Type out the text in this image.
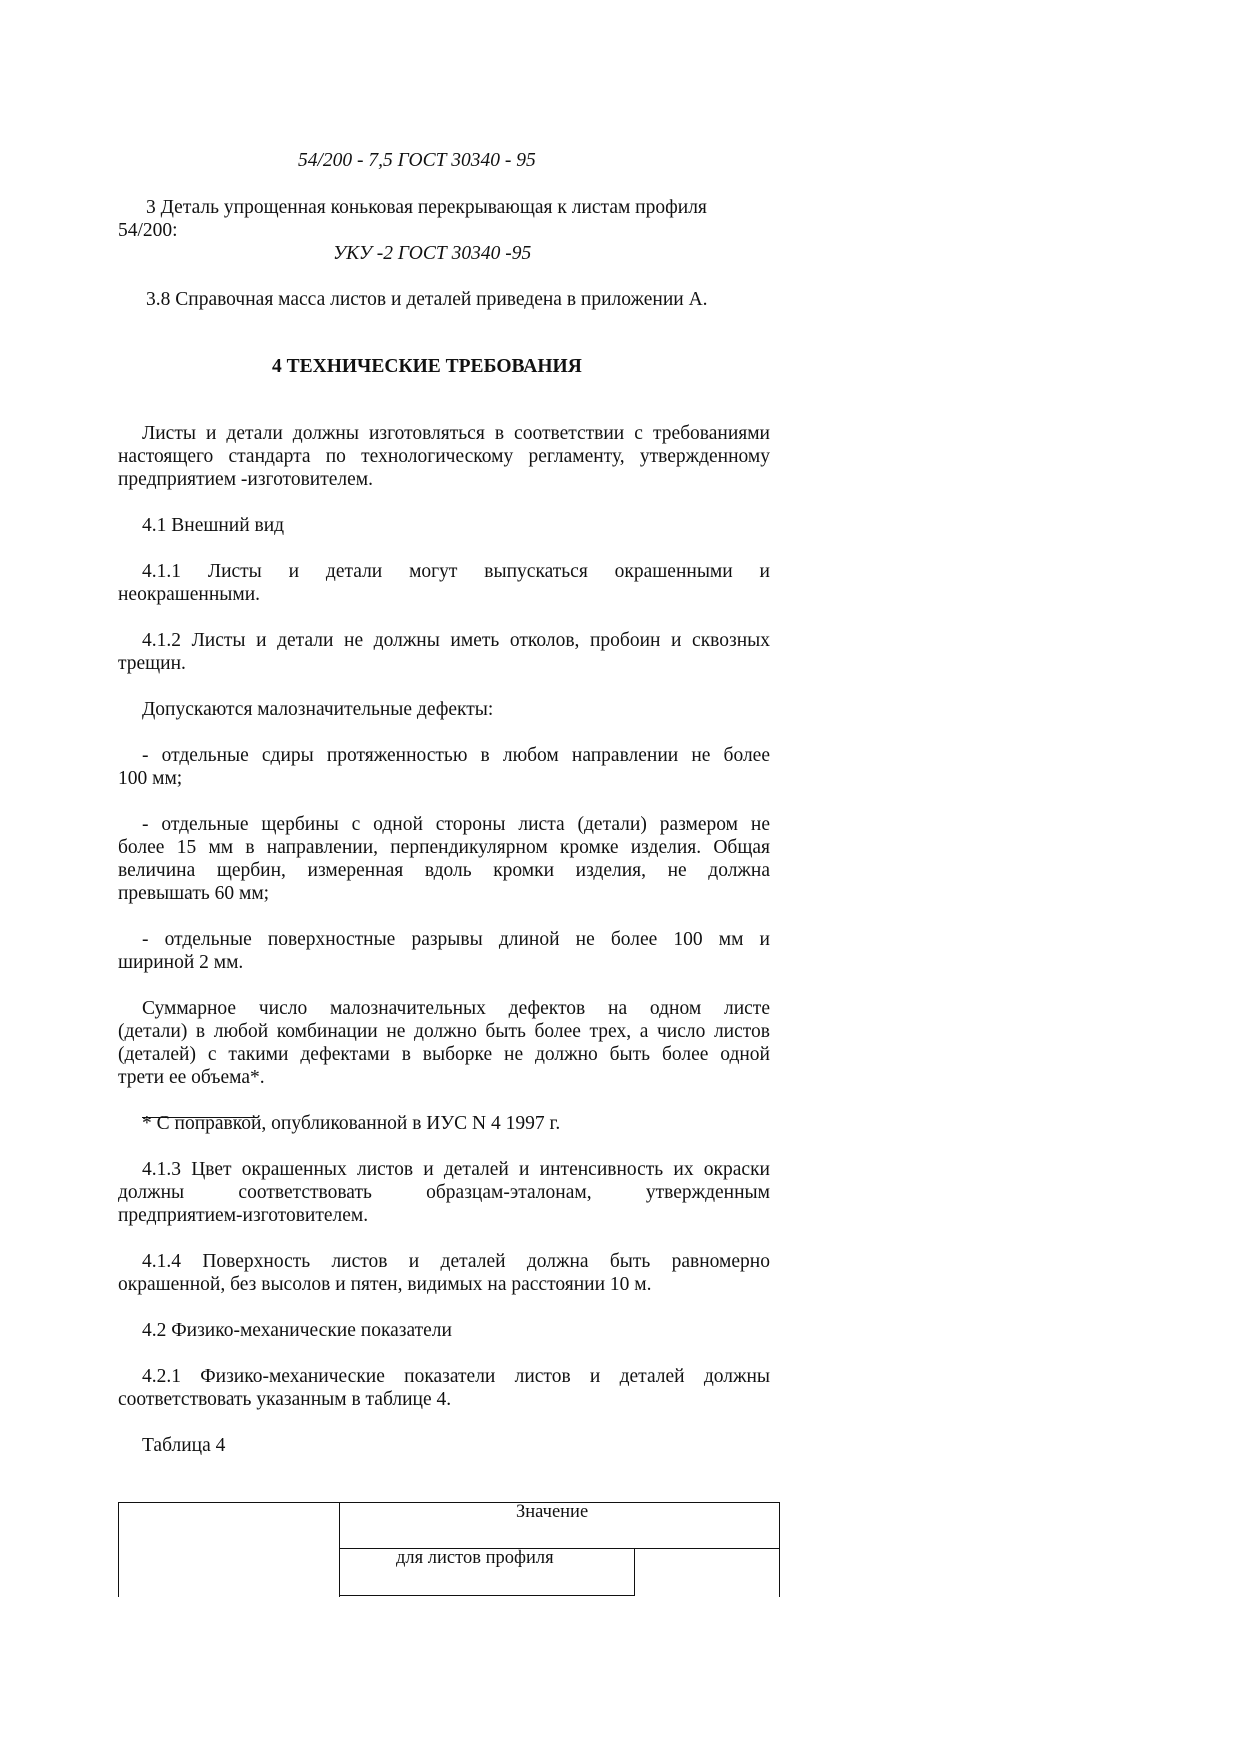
54/200 - 7,5 ГОСТ 30340 - 95
3 Деталь упрощенная коньковая перекрывающая к листам профиля
54/200:
УКУ -2 ГОСТ 30340 -95
3.8 Справочная масса листов и деталей приведена в приложении А.
4 ТЕХНИЧЕСКИЕ ТРЕБОВАНИЯ
Листы и детали должны изготовляться в соответствии с требованиями
настоящего стандарта по технологическому регламенту, утвержденному
предприятием -изготовителем.
4.1 Внешний вид
4.1.1 Листы и детали могут выпускаться окрашенными и
неокрашенными.
4.1.2 Листы и детали не должны иметь отколов, пробоин и сквозных
трещин.
Допускаются малозначительные дефекты:
- отдельные сдиры протяженностью в любом направлении не более
100 мм;
- отдельные щербины с одной стороны листа (детали) размером не
более 15 мм в направлении, перпендикулярном кромке изделия. Общая
величина щербин, измеренная вдоль кромки изделия, не должна
превышать 60 мм;
- отдельные поверхностные разрывы длиной не более 100 мм и
шириной 2 мм.
Суммарное число малозначительных дефектов на одном листе
(детали) в любой комбинации не должно быть более трех, а число листов
(деталей) с такими дефектами в выборке не должно быть более одной
трети ее объема*.
* С поправкой, опубликованной в ИУС N 4 1997 г.
4.1.3 Цвет окрашенных листов и деталей и интенсивность их окраски
должны соответствовать образцам-эталонам, утвержденным
предприятием-изготовителем.
4.1.4 Поверхность листов и деталей должна быть равномерно
окрашенной, без высолов и пятен, видимых на расстоянии 10 м.
4.2 Физико-механические показатели
4.2.1 Физико-механические показатели листов и деталей должны
соответствовать указанным в таблице 4.
Таблица 4
Значение
для листов профиля
